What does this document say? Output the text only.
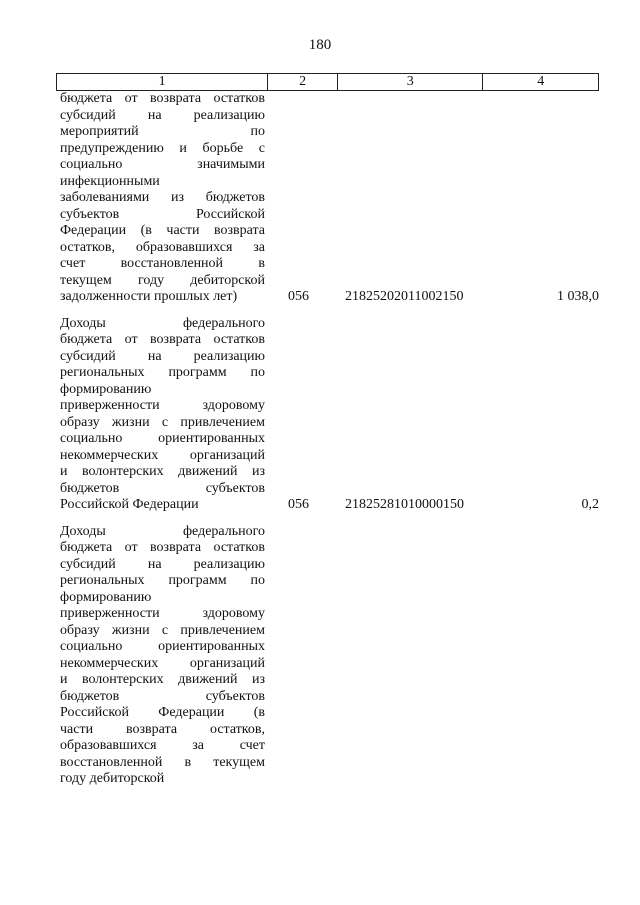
180
1	2	3	4
бюджета от возврата остатков
субсидий на реализацию
мероприятий по
предупреждению и борьбе с
социально значимыми
инфекционными
заболеваниями из бюджетов
субъектов Российской
Федерации (в части возврата
остатков, образовавшихся за
счет восстановленной в
текущем году дебиторской
задолженности прошлых лет)	056	21825202011002150	1 038,0
Доходы федерального
бюджета от возврата остатков
субсидий на реализацию
региональных программ по
формированию
приверженности здоровому
образу жизни с привлечением
социально ориентированных
некоммерческих организаций
и волонтерских движений из
бюджетов субъектов
Российской Федерации	056	21825281010000150	0,2
Доходы федерального
бюджета от возврата остатков
субсидий на реализацию
региональных программ по
формированию
приверженности здоровому
образу жизни с привлечением
социально ориентированных
некоммерческих организаций
и волонтерских движений из
бюджетов субъектов
Российской Федерации (в
части возврата остатков,
образовавшихся за счет
восстановленной в текущем
году дебиторской
